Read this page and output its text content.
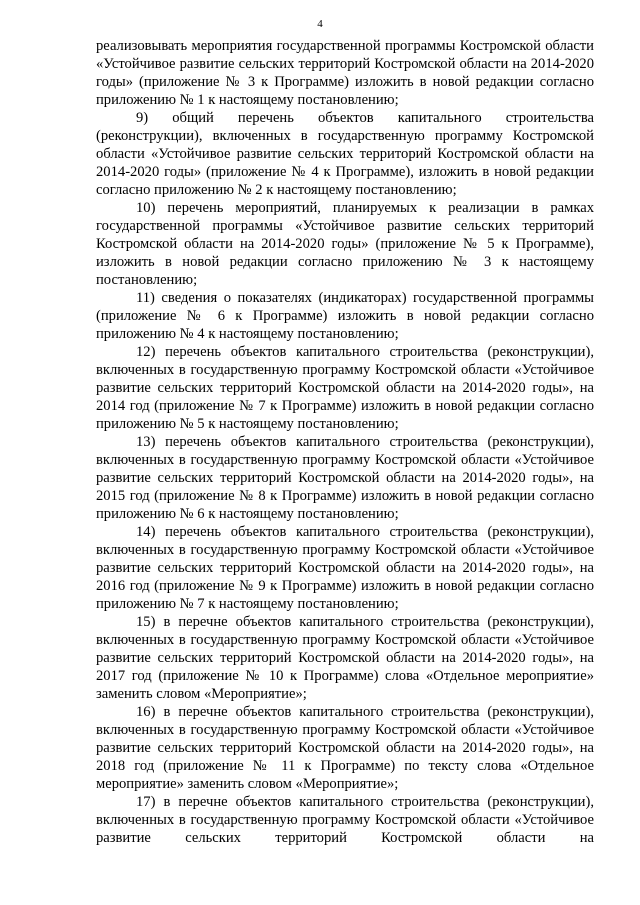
4

реализовывать мероприятия государственной программы Костромской области «Устойчивое развитие сельских территорий Костромской области на 2014-2020 годы» (приложение № 3 к Программе) изложить в новой редакции согласно приложению № 1 к настоящему постановлению;

9) общий перечень объектов капитального строительства (реконструкции), включенных в государственную программу Костромской области «Устойчивое развитие сельских территорий Костромской области на 2014-2020 годы» (приложение № 4 к Программе), изложить в новой редакции согласно приложению № 2 к настоящему постановлению;

10) перечень мероприятий, планируемых к реализации в рамках государственной программы «Устойчивое развитие сельских территорий Костромской области на 2014-2020 годы» (приложение № 5 к Программе), изложить в новой редакции согласно приложению № 3 к настоящему постановлению;

11) сведения о показателях (индикаторах) государственной программы (приложение № 6 к Программе) изложить в новой редакции согласно приложению № 4 к настоящему постановлению;

12) перечень объектов капитального строительства (реконструкции), включенных в государственную программу Костромской области «Устойчивое развитие сельских территорий Костромской области на 2014-2020 годы», на 2014 год (приложение № 7 к Программе) изложить в новой редакции согласно приложению № 5 к настоящему постановлению;

13) перечень объектов капитального строительства (реконструкции), включенных в государственную программу Костромской области «Устойчивое развитие сельских территорий Костромской области на 2014-2020 годы», на 2015 год (приложение № 8 к Программе) изложить в новой редакции согласно приложению № 6 к настоящему постановлению;

14) перечень объектов капитального строительства (реконструкции), включенных в государственную программу Костромской области «Устойчивое развитие сельских территорий Костромской области на 2014-2020 годы», на 2016 год (приложение № 9 к Программе) изложить в новой редакции согласно приложению № 7 к настоящему постановлению;

15) в перечне объектов капитального строительства (реконструкции), включенных в государственную программу Костромской области «Устойчивое развитие сельских территорий Костромской области на 2014-2020 годы», на 2017 год (приложение № 10 к Программе) слова «Отдельное мероприятие» заменить словом «Мероприятие»;

16) в перечне объектов капитального строительства (реконструкции), включенных в государственную программу Костромской области «Устойчивое развитие сельских территорий Костромской области на 2014-2020 годы», на 2018 год (приложение № 11 к Программе) по тексту слова «Отдельное мероприятие» заменить словом «Мероприятие»;

17) в перечне объектов капитального строительства (реконструкции), включенных в государственную программу Костромской области «Устойчивое развитие сельских территорий Костромской области на
